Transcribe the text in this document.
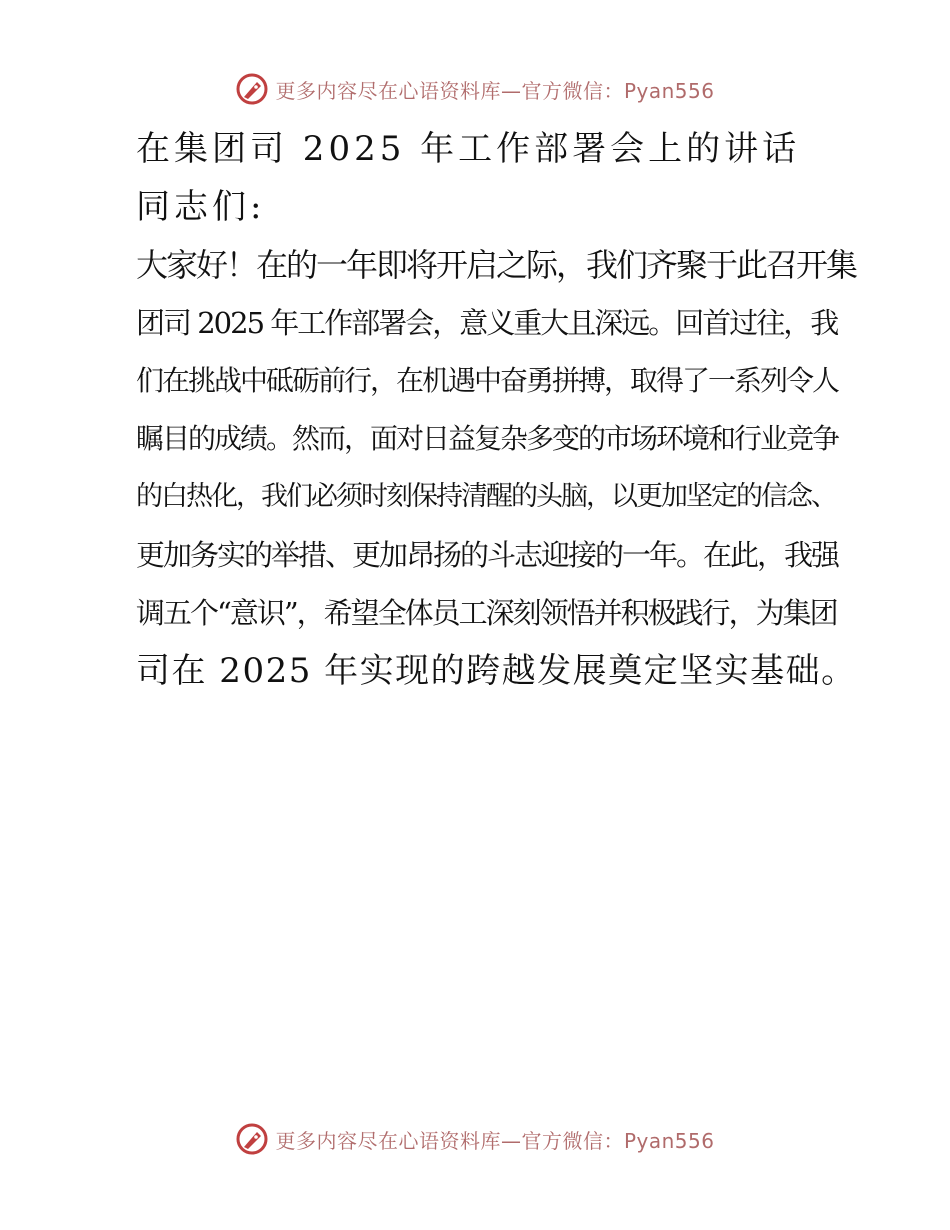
更多内容尽在心语资料库—官方微信：Pyan556
在集团司 2025 年工作部署会上的讲话
同志们:
大家好！在的一年即将开启之际，我们齐聚于此召开集
团司 2025 年工作部署会，意义重大且深远。回首过往，我
们在挑战中砥砺前行，在机遇中奋勇拼搏，取得了一系列令人
瞩目的成绩。然而，面对日益复杂多变的市场环境和行业竞争
的白热化，我们必须时刻保持清醒的头脑，以更加坚定的信念、
更加务实的举措、更加昂扬的斗志迎接的一年。在此，我强
调五个“意识”，希望全体员工深刻领悟并积极践行，为集团
司在 2025 年实现的跨越发展奠定坚实基础。
更多内容尽在心语资料库—官方微信：Pyan556
